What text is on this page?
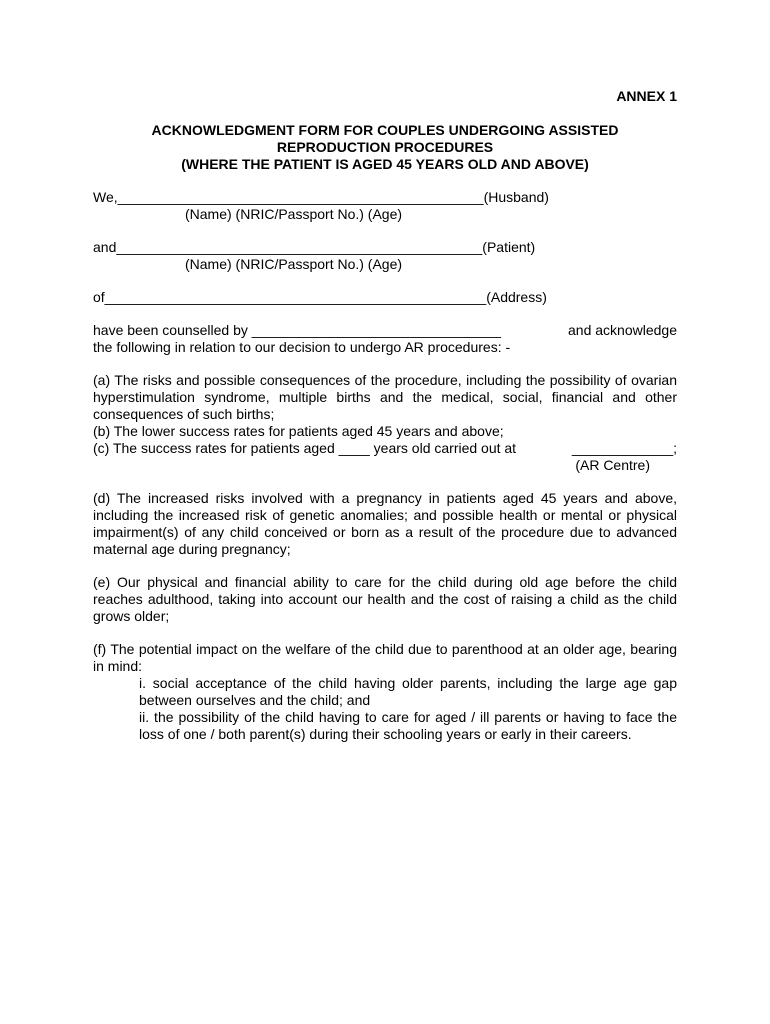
ANNEX 1
ACKNOWLEDGMENT FORM FOR COUPLES UNDERGOING ASSISTED
REPRODUCTION PROCEDURES
(WHERE THE PATIENT IS AGED 45 YEARS OLD AND ABOVE)
We,_______________________________________________(Husband)
(Name) (NRIC/Passport No.) (Age)
and_______________________________________________(Patient)
(Name) (NRIC/Passport No.) (Age)
of_________________________________________________(Address)
have been counselled by ________________________________	and acknowledge
the following in relation to our decision to undergo AR procedures: -
(a) The risks and possible consequences of the procedure, including the possibility of ovarian hyperstimulation syndrome, multiple births and the medical, social, financial and other consequences of such births;
(b) The lower success rates for patients aged 45 years and above;
(c) The success rates for patients aged ____ years old carried out at	_____________;
(AR Centre)
(d) The increased risks involved with a pregnancy in patients aged 45 years and above, including the increased risk of genetic anomalies; and possible health or mental or physical impairment(s) of any child conceived or born as a result of the procedure due to advanced maternal age during pregnancy;
(e) Our physical and financial ability to care for the child during old age before the child reaches adulthood, taking into account our health and the cost of raising a child as the child grows older;
(f) The potential impact on the welfare of the child due to parenthood at an older age, bearing in mind:
i. social acceptance of the child having older parents, including the large age gap between ourselves and the child; and
ii. the possibility of the child having to care for aged / ill parents or having to face the loss of one / both parent(s) during their schooling years or early in their careers.
